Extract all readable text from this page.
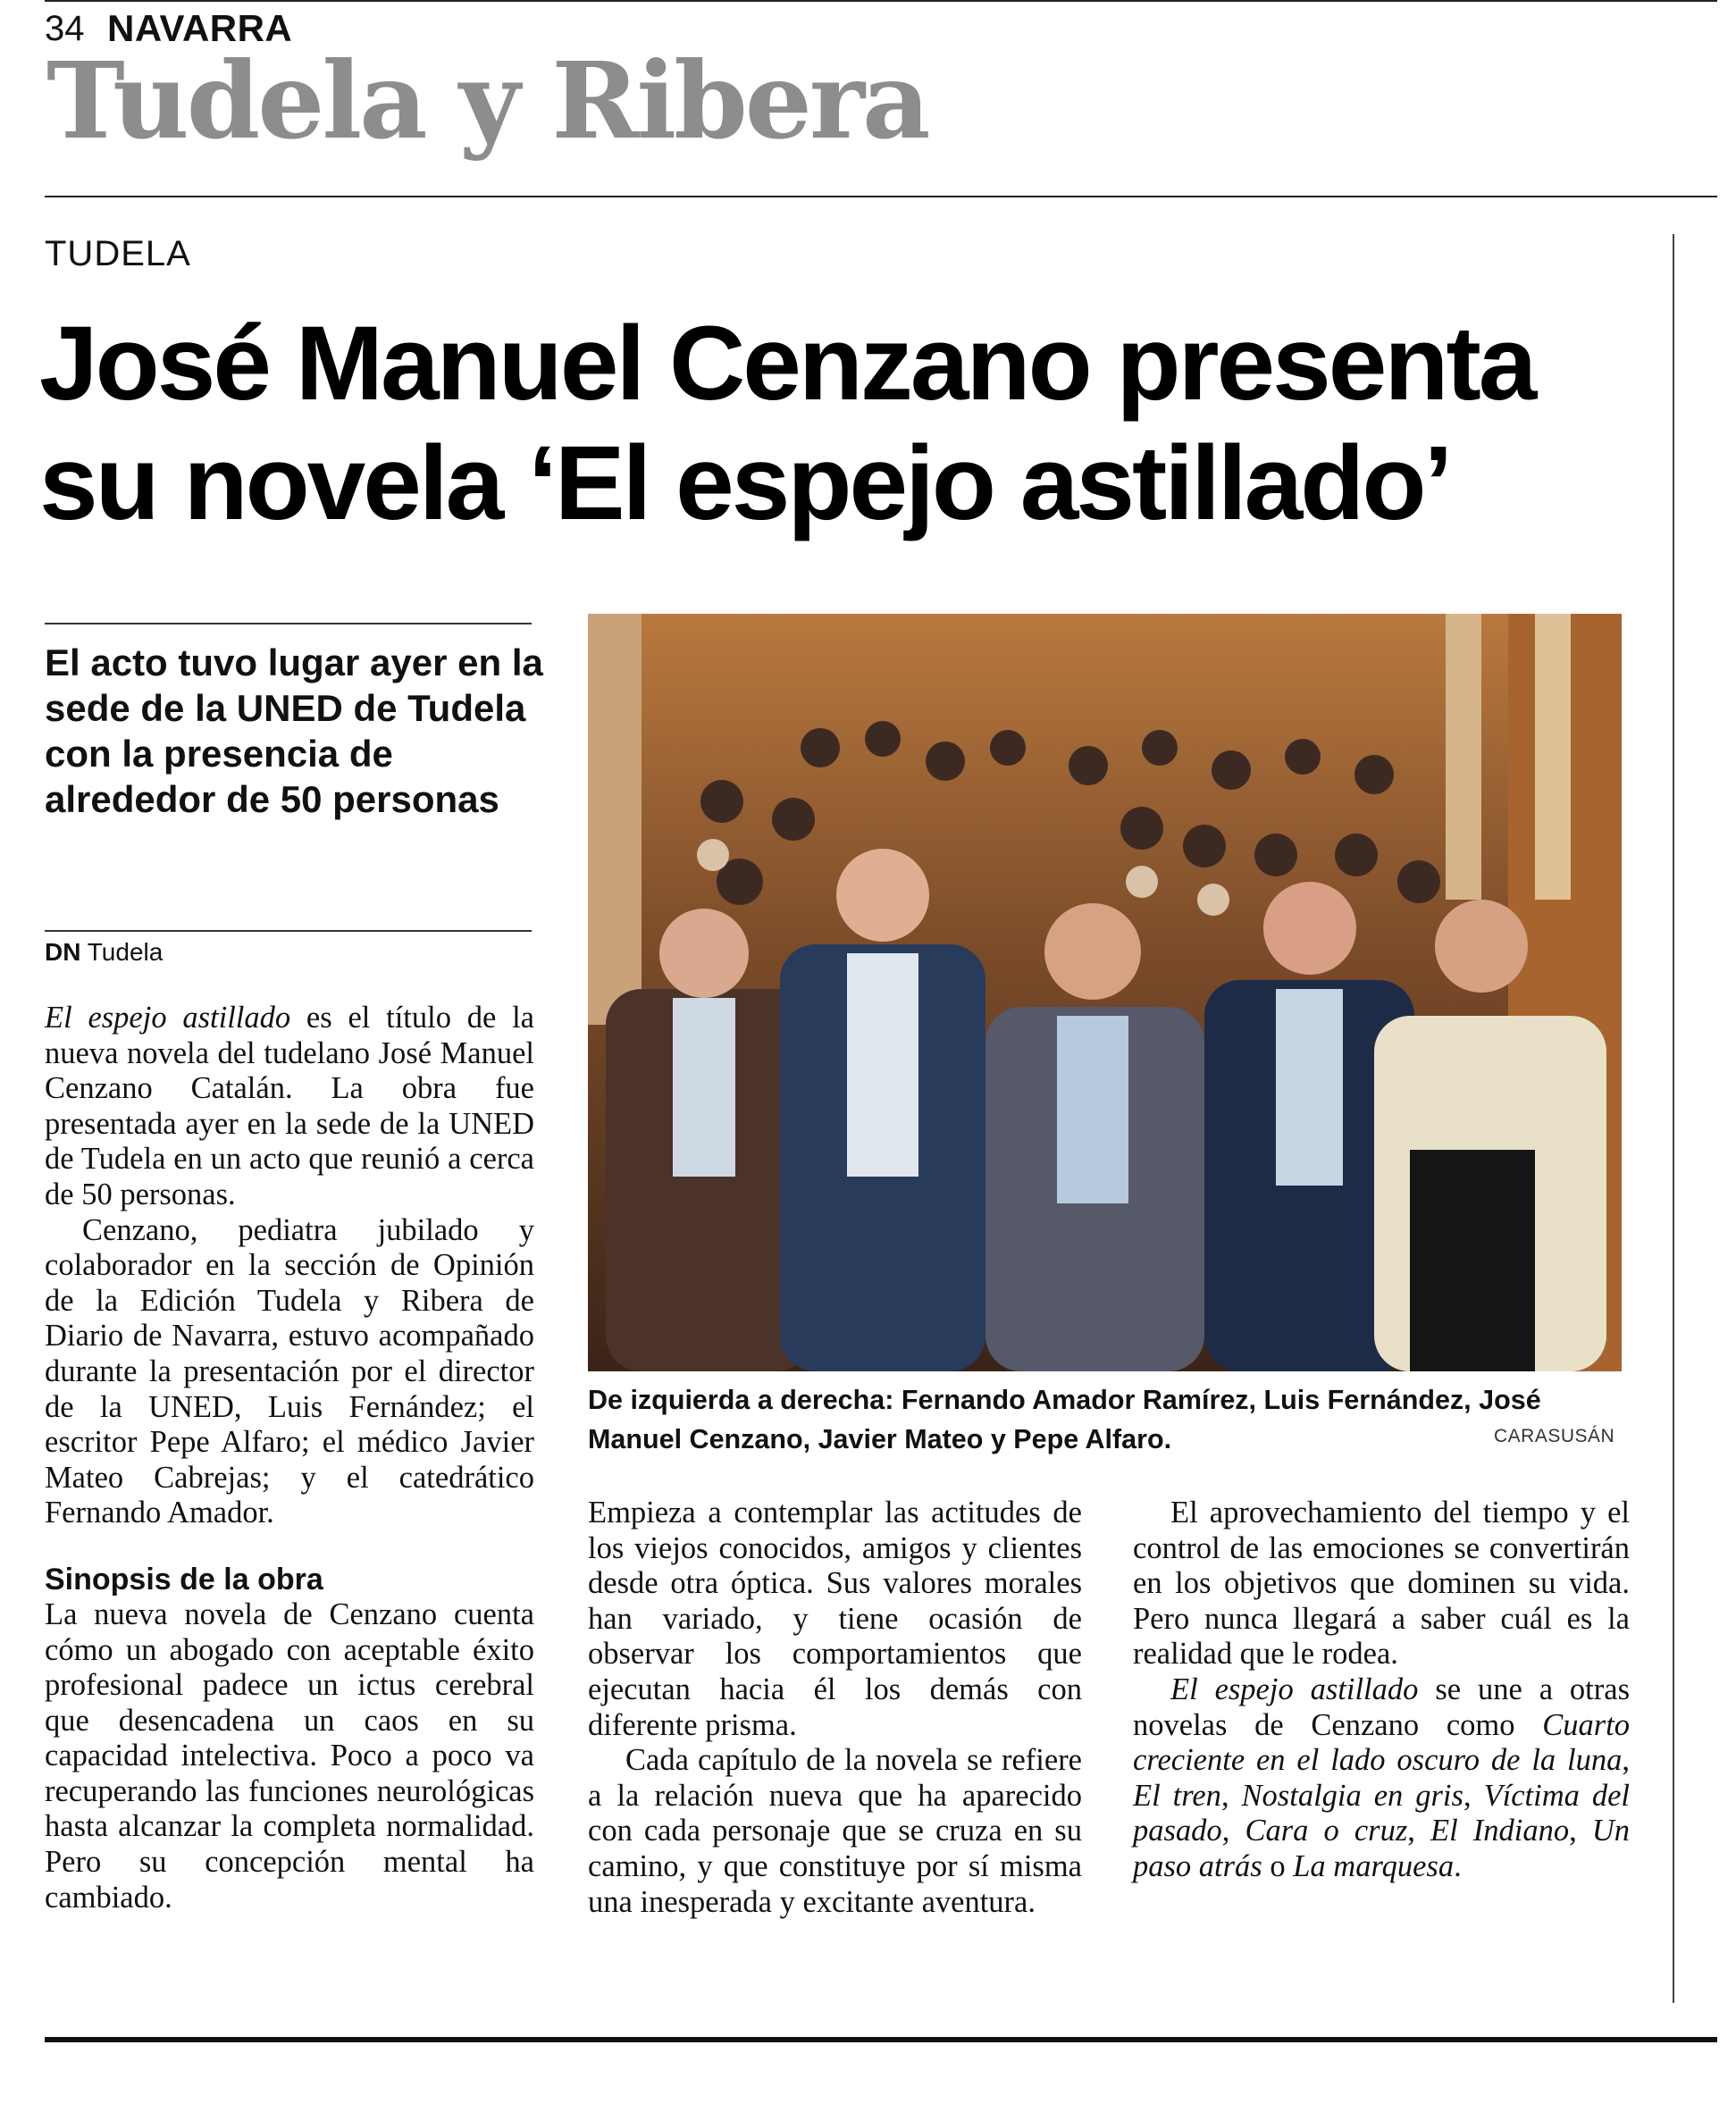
34 NAVARRA
Tudela y Ribera
TUDELA
José Manuel Cenzano presenta
su novela ‘El espejo astillado’

El acto tuvo lugar ayer en la sede de la UNED de Tudela con la presencia de alrededor de 50 personas

DN Tudela

El espejo astillado es el título de la nueva novela del tudelano José Manuel Cenzano Catalán. La obra fue presentada ayer en la sede de la UNED de Tudela en un acto que reunió a cerca de 50 personas.

Cenzano, pediatra jubilado y colaborador en la sección de Opinión de la Edición Tudela y Ribera de Diario de Navarra, estuvo acompañado durante la presentación por el director de la UNED, Luis Fernández; el escritor Pepe Alfaro; el médico Javier Mateo Cabrejas; y el catedrático Fernando Amador.

Sinopsis de la obra

La nueva novela de Cenzano cuenta cómo un abogado con aceptable éxito profesional padece un ictus cerebral que desencadena un caos en su capacidad intelectiva. Poco a poco va recuperando las funciones neurológicas hasta alcanzar la completa normalidad. Pero su concepción mental ha cambiado.

De izquierda a derecha: Fernando Amador Ramírez, Luis Fernández, José Manuel Cenzano, Javier Mateo y Pepe Alfaro.	CARASUSÁN

Empieza a contemplar las actitudes de los viejos conocidos, amigos y clientes desde otra óptica. Sus valores morales han variado, y tiene ocasión de observar los comportamientos que ejecutan hacia él los demás con diferente prisma.

Cada capítulo de la novela se refiere a la relación nueva que ha aparecido con cada personaje que se cruza en su camino, y que constituye por sí misma una inesperada y excitante aventura.

El aprovechamiento del tiempo y el control de las emociones se convertirán en los objetivos que dominen su vida. Pero nunca llegará a saber cuál es la realidad que le rodea.

El espejo astillado se une a otras novelas de Cenzano como Cuarto creciente en el lado oscuro de la luna, El tren, Nostalgia en gris, Víctima del pasado, Cara o cruz, El Indiano, Un paso atrás o La marquesa.
